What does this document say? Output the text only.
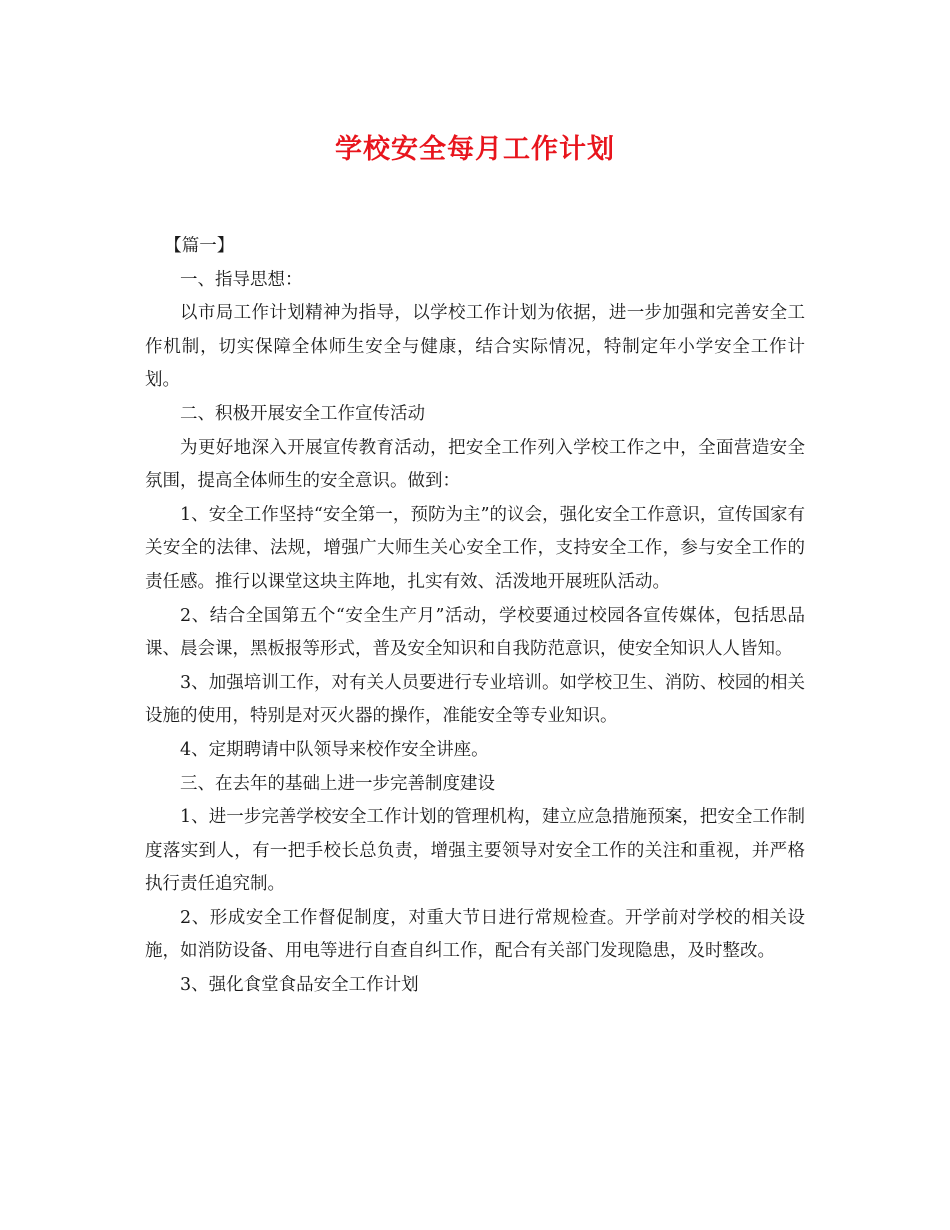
学校安全每月工作计划

【篇一】

一、指导思想：

以市局工作计划精神为指导，以学校工作计划为依据，进一步加强和完善安全工作机制，切实保障全体师生安全与健康，结合实际情况，特制定年小学安全工作计划。

二、积极开展安全工作宣传活动

为更好地深入开展宣传教育活动，把安全工作列入学校工作之中，全面营造安全氛围，提高全体师生的安全意识。做到：

1、安全工作坚持“安全第一，预防为主”的议会，强化安全工作意识，宣传国家有关安全的法律、法规，增强广大师生关心安全工作，支持安全工作，参与安全工作的责任感。推行以课堂这块主阵地，扎实有效、活泼地开展班队活动。

2、结合全国第五个“安全生产月”活动，学校要通过校园各宣传媒体，包括思品课、晨会课，黑板报等形式，普及安全知识和自我防范意识，使安全知识人人皆知。

3、加强培训工作，对有关人员要进行专业培训。如学校卫生、消防、校园的相关设施的使用，特别是对灭火器的操作，准能安全等专业知识。

4、定期聘请中队领导来校作安全讲座。

三、在去年的基础上进一步完善制度建设

1、进一步完善学校安全工作计划的管理机构，建立应急措施预案，把安全工作制度落实到人，有一把手校长总负责，增强主要领导对安全工作的关注和重视，并严格执行责任追究制。

2、形成安全工作督促制度，对重大节日进行常规检查。开学前对学校的相关设施，如消防设备、用电等进行自查自纠工作，配合有关部门发现隐患，及时整改。

3、强化食堂食品安全工作计划
